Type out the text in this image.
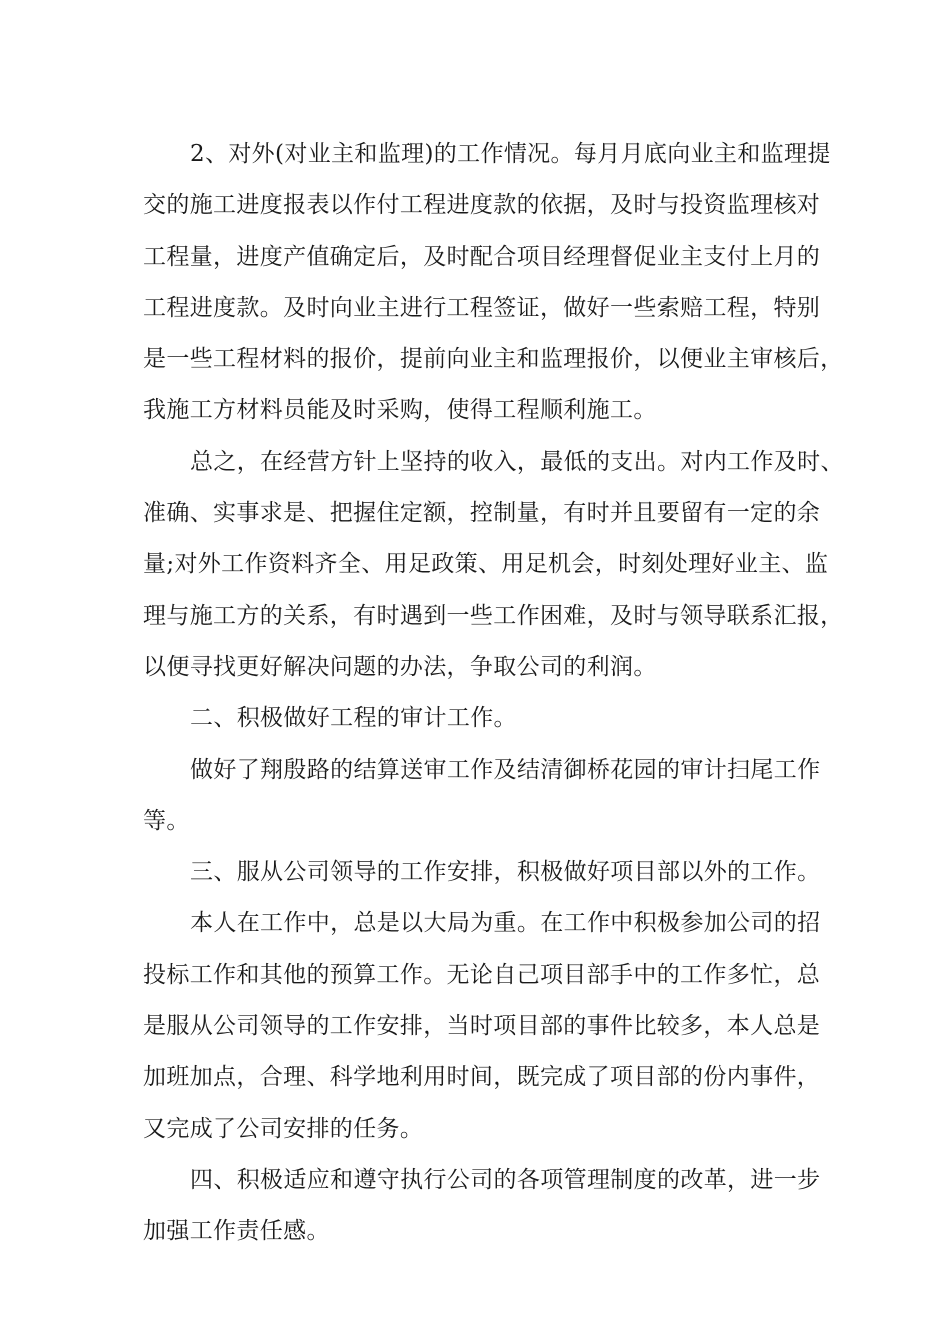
2、对外(对业主和监理)的工作情况。每月月底向业主和监理提
交的施工进度报表以作付工程进度款的依据，及时与投资监理核对
工程量，进度产值确定后，及时配合项目经理督促业主支付上月的
工程进度款。及时向业主进行工程签证，做好一些索赔工程，特别
是一些工程材料的报价，提前向业主和监理报价，以便业主审核后，
我施工方材料员能及时采购，使得工程顺利施工。
总之，在经营方针上坚持的收入，最低的支出。对内工作及时、
准确、实事求是、把握住定额，控制量，有时并且要留有一定的余
量;对外工作资料齐全、用足政策、用足机会，时刻处理好业主、监
理与施工方的关系，有时遇到一些工作困难，及时与领导联系汇报，
以便寻找更好解决问题的办法，争取公司的利润。
二、积极做好工程的审计工作。
做好了翔殷路的结算送审工作及结清御桥花园的审计扫尾工作
等。
三、服从公司领导的工作安排，积极做好项目部以外的工作。
本人在工作中，总是以大局为重。在工作中积极参加公司的招
投标工作和其他的预算工作。无论自己项目部手中的工作多忙，总
是服从公司领导的工作安排，当时项目部的事件比较多，本人总是
加班加点，合理、科学地利用时间，既完成了项目部的份内事件，
又完成了公司安排的任务。
四、积极适应和遵守执行公司的各项管理制度的改革，进一步
加强工作责任感。
